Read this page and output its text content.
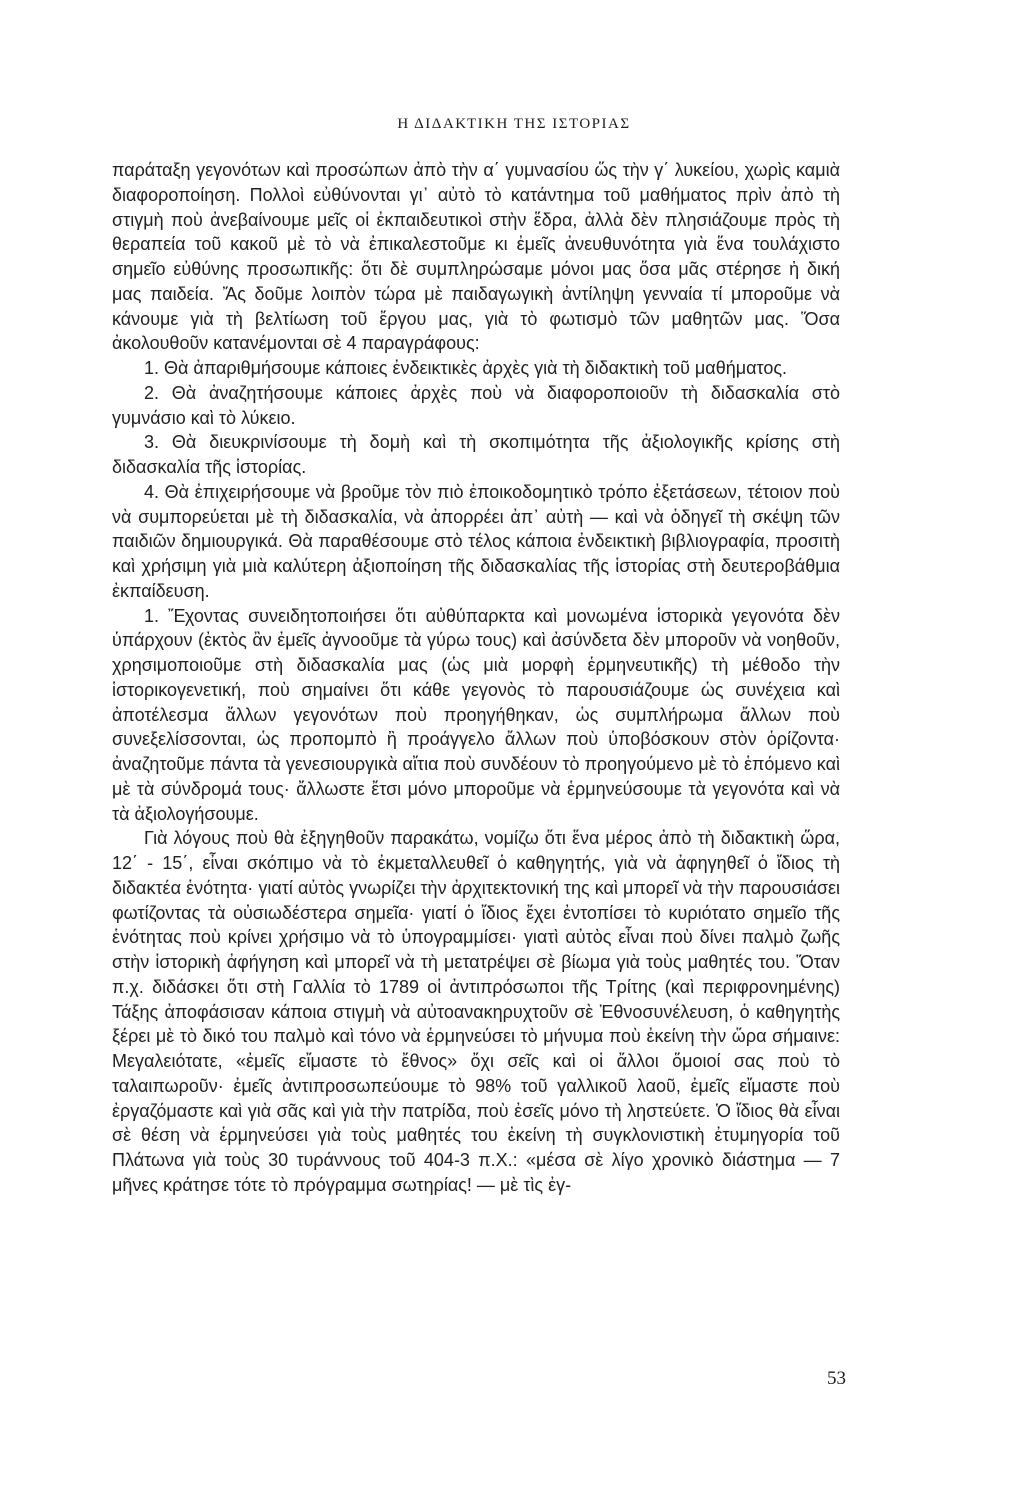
Η ΔΙΔΑΚΤΙΚΗ ΤΗΣ ΙΣΤΟΡΙΑΣ

παράταξη γεγονότων καὶ προσώπων ἀπὸ τὴν α΄ γυμνασίου ὥς τὴν γ΄ λυκείου, χωρὶς καμιὰ διαφοροποίηση. Πολλοὶ εὐθύνονται γι᾽ αὐτὸ τὸ κατάντημα τοῦ μαθήματος πρὶν ἀπὸ τὴ στιγμὴ ποὺ ἀνεβαίνουμε μεῖς οἱ ἐκπαιδευτικοὶ στὴν ἕδρα, ἀλλὰ δὲν πλησιάζουμε πρὸς τὴ θεραπεία τοῦ κακοῦ μὲ τὸ νὰ ἐπικαλεστοῦμε κι ἐμεῖς ἀνευθυνότητα γιὰ ἕνα τουλάχιστο σημεῖο εὐθύνης προσωπικῆς: ὅτι δὲ συμπληρώσαμε μόνοι μας ὅσα μᾶς στέρησε ἡ δική μας παιδεία. Ἄς δοῦμε λοιπὸν τώρα μὲ παιδαγωγικὴ ἀντίληψη γενναία τί μποροῦμε νὰ κάνουμε γιὰ τὴ βελτίωση τοῦ ἔργου μας, γιὰ τὸ φωτισμὸ τῶν μαθητῶν μας. Ὅσα ἀκολουθοῦν κατανέμονται σὲ 4 παραγράφους:

1. Θὰ ἀπαριθμήσουμε κάποιες ἐνδεικτικὲς ἀρχὲς γιὰ τὴ διδακτικὴ τοῦ μαθήματος.

2. Θὰ ἀναζητήσουμε κάποιες ἀρχὲς ποὺ νὰ διαφοροποιοῦν τὴ διδασκαλία στὸ γυμνάσιο καὶ τὸ λύκειο.

3. Θὰ διευκρινίσουμε τὴ δομὴ καὶ τὴ σκοπιμότητα τῆς ἀξιολογικῆς κρίσης στὴ διδασκαλία τῆς ἱστορίας.

4. Θὰ ἐπιχειρήσουμε νὰ βροῦμε τὸν πιὸ ἐποικοδομητικὸ τρόπο ἐξετάσεων, τέτοιον ποὺ νὰ συμπορεύεται μὲ τὴ διδασκαλία, νὰ ἀπορρέει ἀπ᾽ αὐτὴ — καὶ νὰ ὁδηγεῖ τὴ σκέψη τῶν παιδιῶν δημιουργικά. Θὰ παραθέσουμε στὸ τέλος κάποια ἐνδεικτικὴ βιβλιογραφία, προσιτὴ καὶ χρήσιμη γιὰ μιὰ καλύτερη ἀξιοποίηση τῆς διδασκαλίας τῆς ἱστορίας στὴ δευτεροβάθμια ἐκπαίδευση.

1. Ἔχοντας συνειδητοποιήσει ὅτι αὐθύπαρκτα καὶ μονωμένα ἱστορικὰ γεγονότα δὲν ὑπάρχουν (ἐκτὸς ἂν ἐμεῖς ἀγνοοῦμε τὰ γύρω τους) καὶ ἀσύνδετα δὲν μποροῦν νὰ νοηθοῦν, χρησιμοποιοῦμε στὴ διδασκαλία μας (ὡς μιὰ μορφὴ ἑρμηνευτικῆς) τὴ μέθοδο τὴν ἱστορικογενετική, ποὺ σημαίνει ὅτι κάθε γεγονὸς τὸ παρουσιάζουμε ὡς συνέχεια καὶ ἀποτέλεσμα ἄλλων γεγονότων ποὺ προηγήθηκαν, ὡς συμπλήρωμα ἄλλων ποὺ συνεξελίσσονται, ὡς προπομπὸ ἢ προάγγελο ἄλλων ποὺ ὑποβόσκουν στὸν ὁρίζοντα· ἀναζητοῦμε πάντα τὰ γενεσιουργικὰ αἴτια ποὺ συνδέουν τὸ προηγούμενο μὲ τὸ ἑπόμενο καὶ μὲ τὰ σύνδρομά τους· ἄλλωστε ἔτσι μόνο μποροῦμε νὰ ἑρμηνεύσουμε τὰ γεγονότα καὶ νὰ τὰ ἀξιολογήσουμε.

Γιὰ λόγους ποὺ θὰ ἐξηγηθοῦν παρακάτω, νομίζω ὅτι ἕνα μέρος ἀπὸ τὴ διδακτικὴ ὥρα, 12΄ - 15΄, εἶναι σκόπιμο νὰ τὸ ἐκμεταλλευθεῖ ὁ καθηγητής, γιὰ νὰ ἀφηγηθεῖ ὁ ἴδιος τὴ διδακτέα ἑνότητα· γιατί αὐτὸς γνωρίζει τὴν ἀρχιτεκτονική της καὶ μπορεῖ νὰ τὴν παρουσιάσει φωτίζοντας τὰ οὐσιωδέστερα σημεῖα· γιατί ὁ ἴδιος ἔχει ἐντοπίσει τὸ κυριότατο σημεῖο τῆς ἑνότητας ποὺ κρίνει χρήσιμο νὰ τὸ ὑπογραμμίσει· γιατὶ αὐτὸς εἶναι ποὺ δίνει παλμὸ ζωῆς στὴν ἱστορικὴ ἀφήγηση καὶ μπορεῖ νὰ τὴ μετατρέψει σὲ βίωμα γιὰ τοὺς μαθητές του. Ὅταν π.χ. διδάσκει ὅτι στὴ Γαλλία τὸ 1789 οἱ ἀντιπρόσωποι τῆς Τρίτης (καὶ περιφρονημένης) Τάξης ἀποφάσισαν κάποια στιγμὴ νὰ αὐτοανακηρυχτοῦν σὲ Ἐθνοσυνέλευση, ὁ καθηγητὴς ξέρει μὲ τὸ δικό του παλμὸ καὶ τόνο νὰ ἑρμηνεύσει τὸ μήνυμα ποὺ ἐκείνη τὴν ὥρα σήμαινε: Μεγαλειότατε, «ἐμεῖς εἴμαστε τὸ ἔθνος» ὄχι σεῖς καὶ οἱ ἄλλοι ὅμοιοί σας ποὺ τὸ ταλαιπωροῦν· ἐμεῖς ἀντιπροσωπεύουμε τὸ 98% τοῦ γαλλικοῦ λαοῦ, ἐμεῖς εἴμαστε ποὺ ἐργαζόμαστε καὶ γιὰ σᾶς καὶ γιὰ τὴν πατρίδα, ποὺ ἐσεῖς μόνο τὴ ληστεύετε. Ὁ ἴδιος θὰ εἶναι σὲ θέση νὰ ἑρμηνεύσει γιὰ τοὺς μαθητές του ἐκείνη τὴ συγκλονιστικὴ ἐτυμηγορία τοῦ Πλάτωνα γιὰ τοὺς 30 τυράννους τοῦ 404-3 π.Χ.: «μέσα σὲ λίγο χρονικὸ διάστημα — 7 μῆνες κράτησε τότε τὸ πρόγραμμα σωτηρίας! — μὲ τὶς ἐγ-

53
